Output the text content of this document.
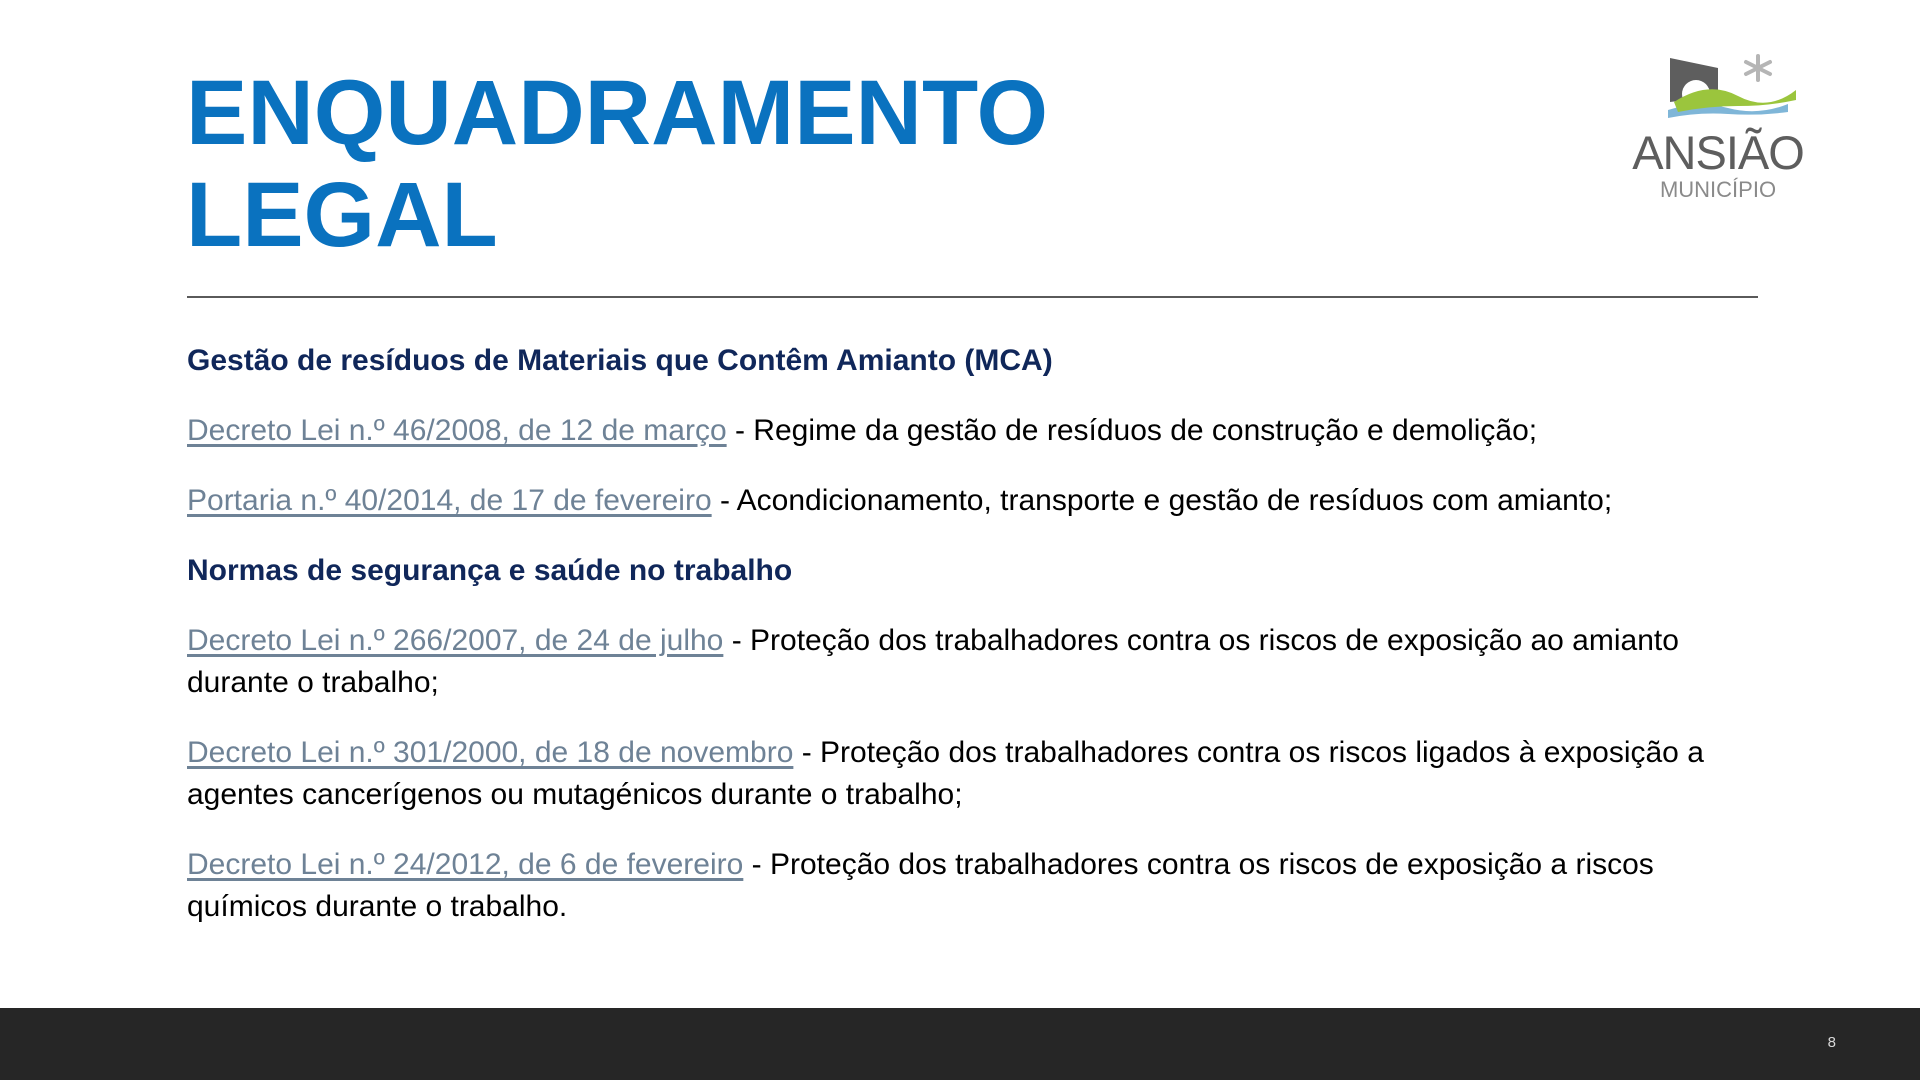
ENQUADRAMENTO
LEGAL
ANSIÃO
MUNICÍPIO

Gestão de resíduos de Materiais que Contêm Amianto (MCA)

Decreto Lei n.º 46/2008, de 12 de março - Regime da gestão de resíduos de construção e demolição;

Portaria n.º 40/2014, de 17 de fevereiro - Acondicionamento, transporte e gestão de resíduos com amianto;

Normas de segurança e saúde no trabalho

Decreto Lei n.º 266/2007, de 24 de julho - Proteção dos trabalhadores contra os riscos de exposição ao amianto durante o trabalho;

Decreto Lei n.º 301/2000, de 18 de novembro - Proteção dos trabalhadores contra os riscos ligados à exposição a agentes cancerígenos ou mutagénicos durante o trabalho;

Decreto Lei n.º 24/2012, de 6 de fevereiro - Proteção dos trabalhadores contra os riscos de exposição a riscos químicos durante o trabalho.

8
